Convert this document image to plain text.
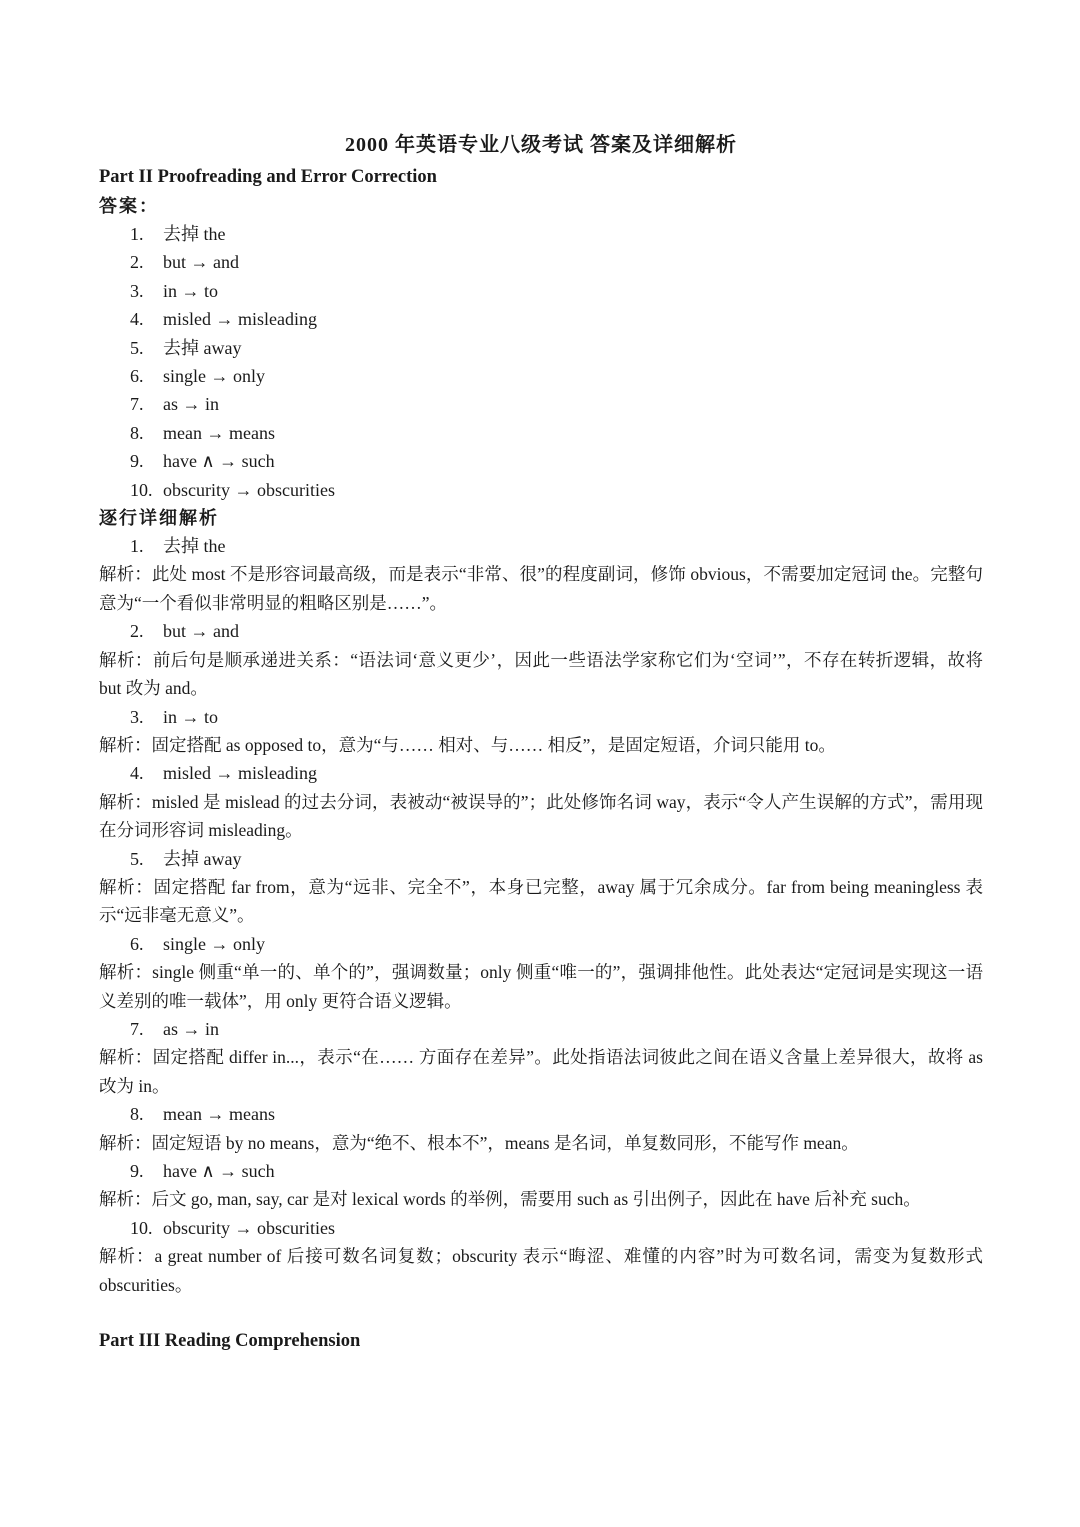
2000 年英语专业八级考试 答案及详细解析
Part II Proofreading and Error Correction
答案：
1. 去掉 the
2. but → and
3. in → to
4. misled → misleading
5. 去掉 away
6. single → only
7. as → in
8. mean → means
9. have ∧ → such
10. obscurity → obscurities
逐行详细解析
1. 去掉 the

解析：此处 most 不是形容词最高级，而是表示“非常、很”的程度副词，修饰 obvious，不需要加定冠词 the。完整句意为“一个看似非常明显的粗略区别是……”。

2. but → and

解析：前后句是顺承递进关系：“语法词‘意义更少’，因此一些语法学家称它们为‘空词’”，不存在转折逻辑，故将 but 改为 and。

3. in → to

解析：固定搭配 as opposed to，意为“与…… 相对、与…… 相反”，是固定短语，介词只能用 to。

4. misled → misleading

解析：misled 是 mislead 的过去分词，表被动“被误导的”；此处修饰名词 way，表示“令人产生误解的方式”，需用现在分词形容词 misleading。

5. 去掉 away

解析：固定搭配 far from，意为“远非、完全不”，本身已完整，away 属于冗余成分。far from being meaningless 表示“远非毫无意义”。

6. single → only

解析：single 侧重“单一的、单个的”，强调数量；only 侧重“唯一的”，强调排他性。此处表达“定冠词是实现这一语义差别的唯一载体”，用 only 更符合语义逻辑。

7. as → in

解析：固定搭配 differ in...，表示“在…… 方面存在差异”。此处指语法词彼此之间在语义含量上差异很大，故将 as 改为 in。

8. mean → means

解析：固定短语 by no means，意为“绝不、根本不”，means 是名词，单复数同形，不能写作 mean。

9. have ∧ → such

解析：后文 go, man, say, car 是对 lexical words 的举例，需要用 such as 引出例子，因此在 have 后补充 such。

10. obscurity → obscurities

解析：a great number of 后接可数名词复数；obscurity 表示“晦涩、难懂的内容”时为可数名词，需变为复数形式 obscurities。

Part III Reading Comprehension
